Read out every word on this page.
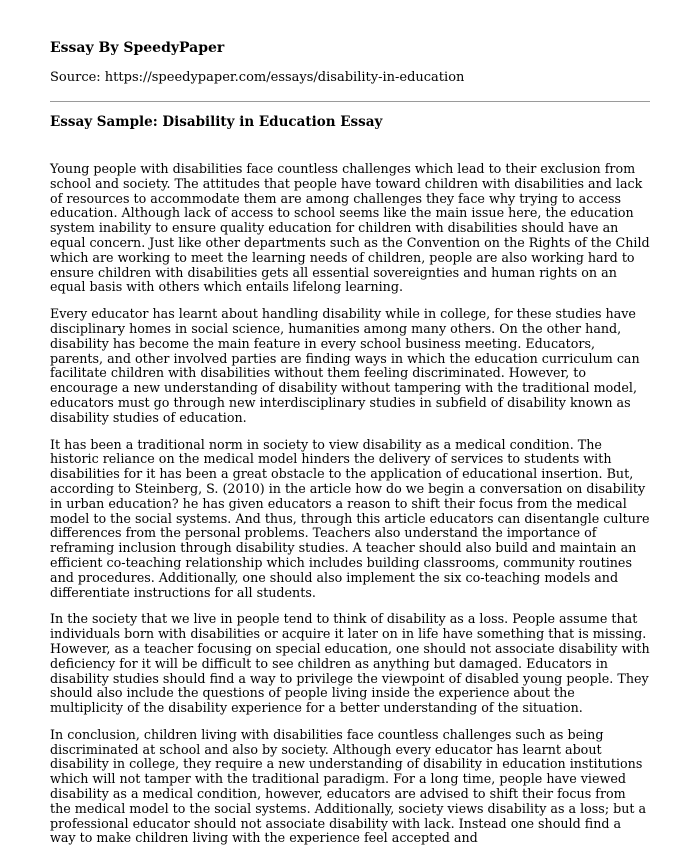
Essay By SpeedyPaper
Source: https://speedypaper.com/essays/disability-in-education
Essay Sample: Disability in Education Essay

Young people with disabilities face countless challenges which lead to their exclusion from school and society. The attitudes that people have toward children with disabilities and lack of resources to accommodate them are among challenges they face why trying to access education. Although lack of access to school seems like the main issue here, the education system inability to ensure quality education for children with disabilities should have an equal concern. Just like other departments such as the Convention on the Rights of the Child which are working to meet the learning needs of children, people are also working hard to ensure children with disabilities gets all essential sovereignties and human rights on an equal basis with others which entails lifelong learning.

Every educator has learnt about handling disability while in college, for these studies have disciplinary homes in social science, humanities among many others. On the other hand, disability has become the main feature in every school business meeting. Educators, parents, and other involved parties are finding ways in which the education curriculum can facilitate children with disabilities without them feeling discriminated. However, to encourage a new understanding of disability without tampering with the traditional model, educators must go through new interdisciplinary studies in subfield of disability known as disability studies of education.

It has been a traditional norm in society to view disability as a medical condition. The historic reliance on the medical model hinders the delivery of services to students with disabilities for it has been a great obstacle to the application of educational insertion. But, according to Steinberg, S. (2010) in the article how do we begin a conversation on disability in urban education? he has given educators a reason to shift their focus from the medical model to the social systems. And thus, through this article educators can disentangle culture differences from the personal problems. Teachers also understand the importance of reframing inclusion through disability studies. A teacher should also build and maintain an efficient co-teaching relationship which includes building classrooms, community routines and procedures. Additionally, one should also implement the six co-teaching models and differentiate instructions for all students.

In the society that we live in people tend to think of disability as a loss. People assume that individuals born with disabilities or acquire it later on in life have something that is missing. However, as a teacher focusing on special education, one should not associate disability with deficiency for it will be difficult to see children as anything but damaged. Educators in disability studies should find a way to privilege the viewpoint of disabled young people. They should also include the questions of people living inside the experience about the multiplicity of the disability experience for a better understanding of the situation.

In conclusion, children living with disabilities face countless challenges such as being discriminated at school and also by society. Although every educator has learnt about disability in college, they require a new understanding of disability in education institutions which will not tamper with the traditional paradigm. For a long time, people have viewed disability as a medical condition, however, educators are advised to shift their focus from the medical model to the social systems. Additionally, society views disability as a loss; but a professional educator should not associate disability with lack. Instead one should find a way to make children living with the experience feel accepted and
